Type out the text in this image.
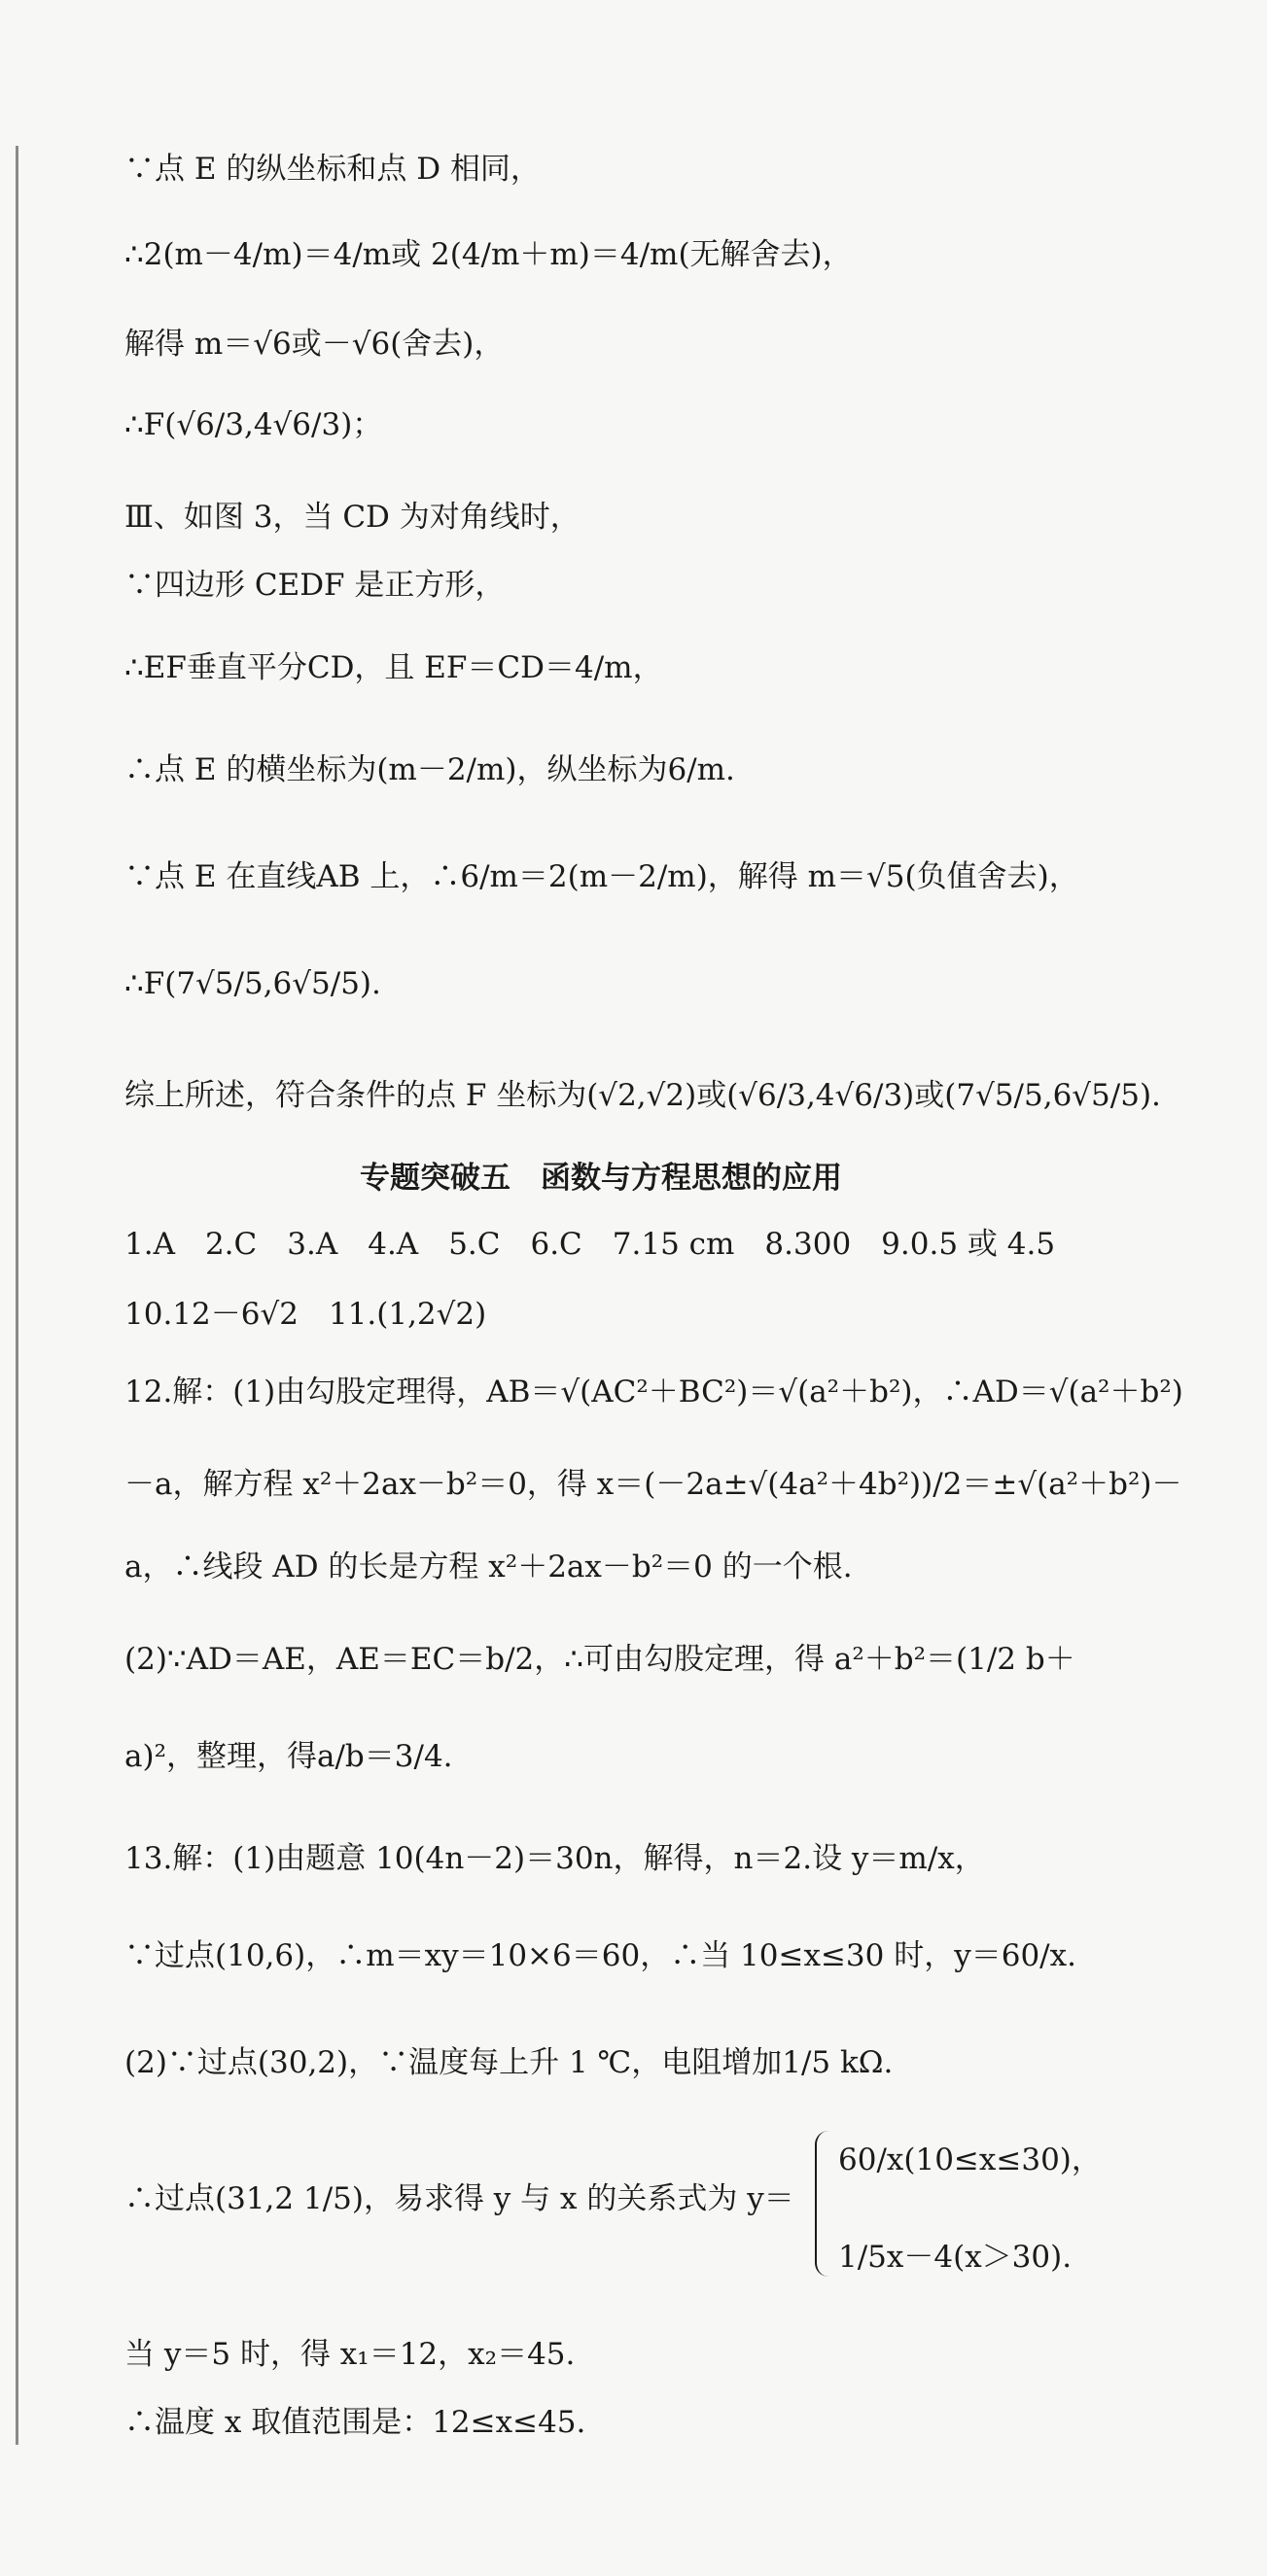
∵点 E 的纵坐标和点 D 相同，
∴2(m－4/m)＝4/m或 2(4/m＋m)＝4/m(无解舍去)，
解得 m＝√6或－√6(舍去)，
∴F(√6/3,4√6/3)；
Ⅲ、如图 3，当 CD 为对角线时，
∵四边形 CEDF 是正方形，
∴EF垂直平分CD，且 EF＝CD＝4/m，
∴点 E 的横坐标为(m－2/m)，纵坐标为6/m.
∵点 E 在直线AB 上，∴6/m＝2(m－2/m)，解得 m＝√5(负值舍去)，
∴F(7√5/5,6√5/5).
综上所述，符合条件的点 F 坐标为(√2,√2)或(√6/3,4√6/3)或(7√5/5,6√5/5).
专题突破五　函数与方程思想的应用
1.A　2.C　3.A　4.A　5.C　6.C　7.15 cm　8.300　9.0.5 或 4.5
10.12－6√2　11.(1,2√2)
12.解：(1)由勾股定理得，AB＝√(AC²＋BC²)＝√(a²＋b²)，∴AD＝√(a²＋b²)
－a，解方程 x²＋2ax－b²＝0，得 x＝(－2a±√(4a²＋4b²))/2＝±√(a²＋b²)－
a，∴线段 AD 的长是方程 x²＋2ax－b²＝0 的一个根.
(2)∵AD＝AE，AE＝EC＝b/2，∴可由勾股定理，得 a²＋b²＝(1/2 b＋
a)²，整理，得a/b＝3/4.
13.解：(1)由题意 10(4n－2)＝30n，解得，n＝2.设 y＝m/x，
∵过点(10,6)，∴m＝xy＝10×6＝60，∴当 10≤x≤30 时，y＝60/x.
(2)∵过点(30,2)，∵温度每上升 1 ℃，电阻增加1/5 kΩ.
∴过点(31,2 1/5)，易求得 y 与 x 的关系式为 y＝
60/x(10≤x≤30)，
1/5x－4(x＞30).
当 y＝5 时，得 x₁＝12，x₂＝45.
∴温度 x 取值范围是：12≤x≤45.
